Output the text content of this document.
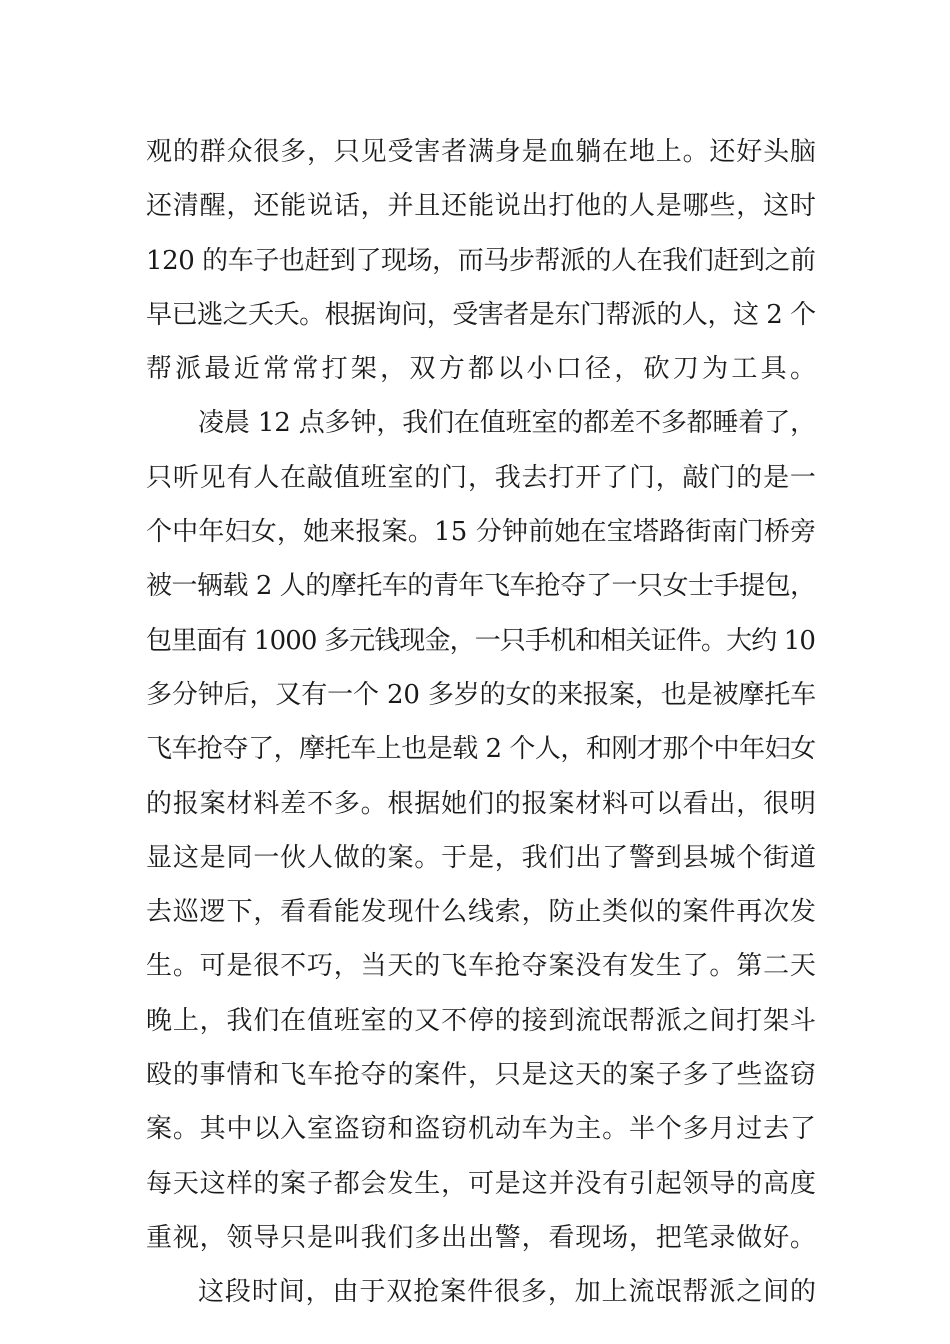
观的群众很多，只见受害者满身是血躺在地上。还好头脑
还清醒，还能说话，并且还能说出打他的人是哪些，这时
120 的车子也赶到了现场，而马步帮派的人在我们赶到之前
早已逃之夭夭。根据询问，受害者是东门帮派的人，这 2 个
帮派最近常常打架，双方都以小口径，砍刀为工具。
凌晨 12 点多钟，我们在值班室的都差不多都睡着了，
只听见有人在敲值班室的门，我去打开了门，敲门的是一
个中年妇女，她来报案。15 分钟前她在宝塔路街南门桥旁
被一辆载 2 人的摩托车的青年飞车抢夺了一只女士手提包，
包里面有 1000 多元钱现金，一只手机和相关证件。大约 10
多分钟后，又有一个 20 多岁的女的来报案，也是被摩托车
飞车抢夺了，摩托车上也是载 2 个人，和刚才那个中年妇女
的报案材料差不多。根据她们的报案材料可以看出，很明
显这是同一伙人做的案。于是，我们出了警到县城个街道
去巡逻下，看看能发现什么线索，防止类似的案件再次发
生。可是很不巧，当天的飞车抢夺案没有发生了。第二天
晚上，我们在值班室的又不停的接到流氓帮派之间打架斗
殴的事情和飞车抢夺的案件，只是这天的案子多了些盗窃
案。其中以入室盗窃和盗窃机动车为主。半个多月过去了
每天这样的案子都会发生，可是这并没有引起领导的高度
重视，领导只是叫我们多出出警，看现场，把笔录做好。
这段时间，由于双抢案件很多，加上流氓帮派之间的
